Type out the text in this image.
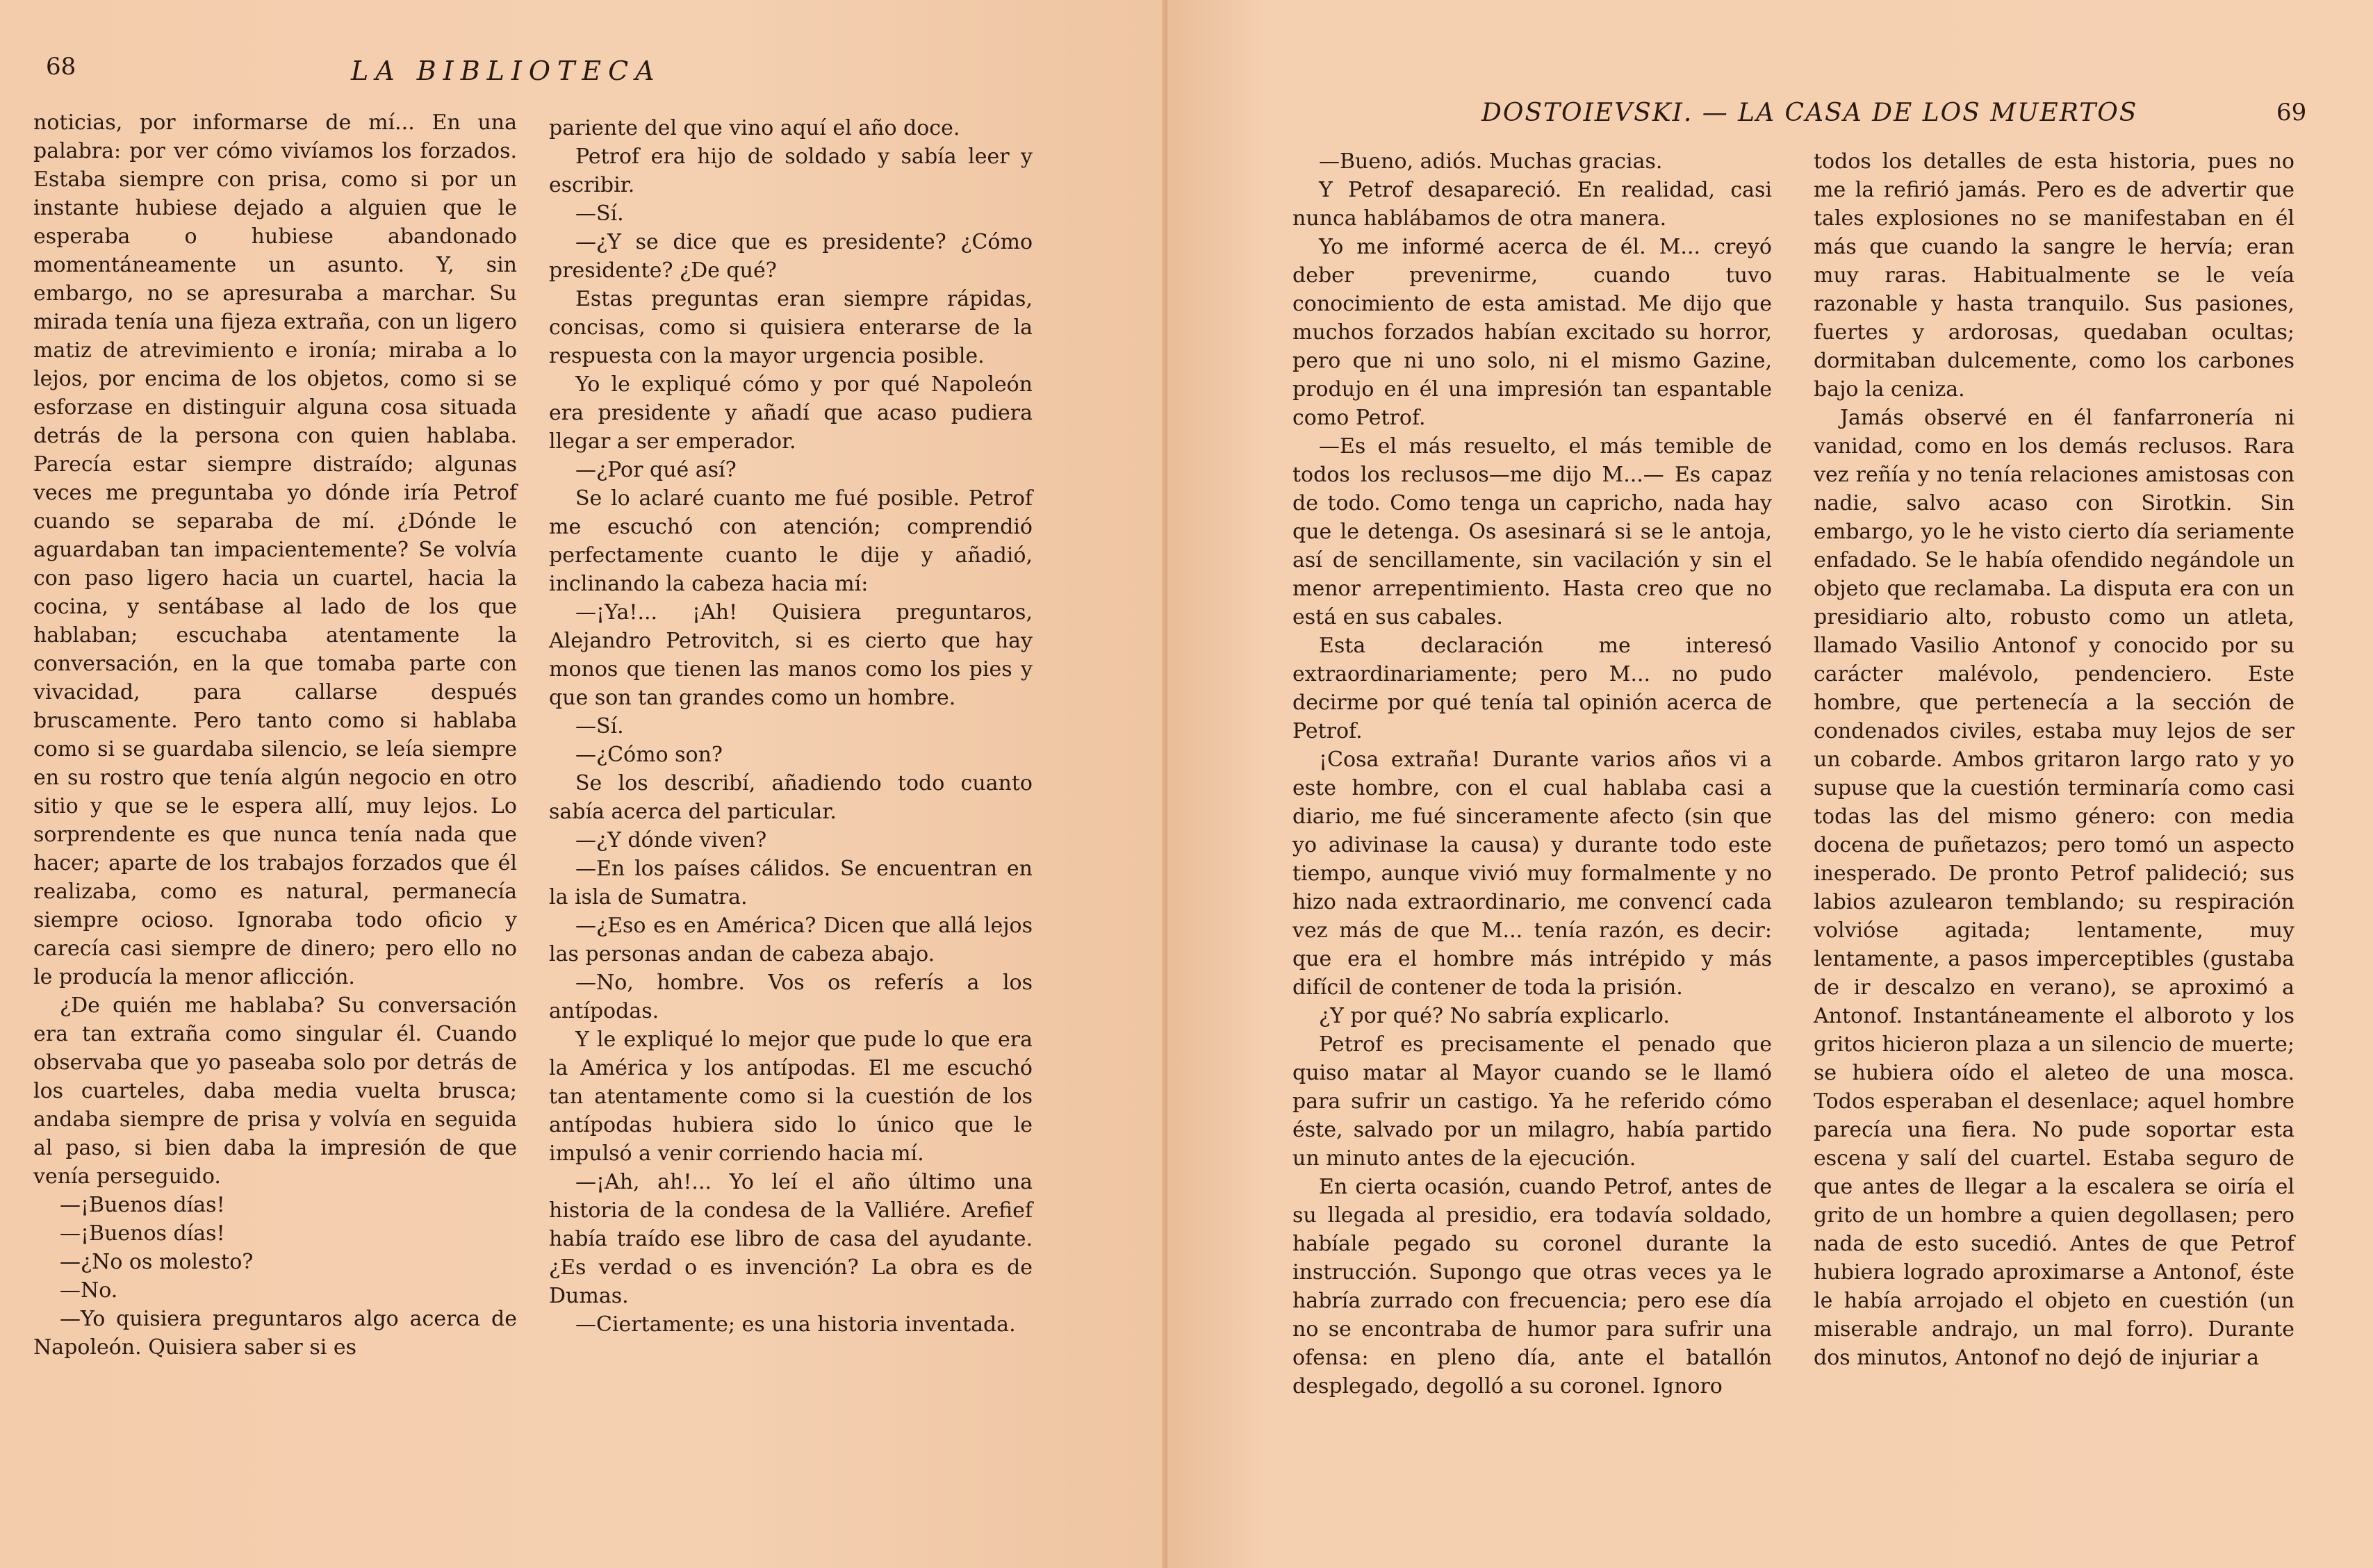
68	LA BIBLIOTECA

noticias, por informarse de mí... En una palabra: por ver cómo vivíamos los forzados. Estaba siempre con prisa, como si por un instante hubiese dejado a alguien que le esperaba o hubiese abandonado momentáneamente un asunto. Y, sin embargo, no se apresuraba a marchar. Su mirada tenía una fijeza extraña, con un ligero matiz de atrevimiento e ironía; miraba a lo lejos, por encima de los objetos, como si se esforzase en distinguir alguna cosa situada detrás de la persona con quien hablaba. Parecía estar siempre distraído; algunas veces me preguntaba yo dónde iría Petrof cuando se separaba de mí. ¿Dónde le aguardaban tan impacientemente? Se volvía con paso ligero hacia un cuartel, hacia la cocina, y sentábase al lado de los que hablaban; escuchaba atentamente la conversación, en la que tomaba parte con vivacidad, para callarse después bruscamente. Pero tanto como si hablaba como si se guardaba silencio, se leía siempre en su rostro que tenía algún negocio en otro sitio y que se le espera allí, muy lejos. Lo sorprendente es que nunca tenía nada que hacer; aparte de los trabajos forzados que él realizaba, como es natural, permanecía siempre ocioso. Ignoraba todo oficio y carecía casi siempre de dinero; pero ello no le producía la menor aflicción.

¿De quién me hablaba? Su conversación era tan extraña como singular él. Cuando observaba que yo paseaba solo por detrás de los cuarteles, daba media vuelta brusca; andaba siempre de prisa y volvía en seguida al paso, si bien daba la impresión de que venía perseguido.

—¡Buenos días!

—¡Buenos días!

—¿No os molesto?

—No.

—Yo quisiera preguntaros algo acerca de Napoleón. Quisiera saber si es

pariente del que vino aquí el año doce.

Petrof era hijo de soldado y sabía leer y escribir.

—Sí.

—¿Y se dice que es presidente? ¿Cómo presidente? ¿De qué?

Estas preguntas eran siempre rápidas, concisas, como si quisiera enterarse de la respuesta con la mayor urgencia posible.

Yo le expliqué cómo y por qué Napoleón era presidente y añadí que acaso pudiera llegar a ser emperador.

—¿Por qué así?

Se lo aclaré cuanto me fué posible. Petrof me escuchó con atención; comprendió perfectamente cuanto le dije y añadió, inclinando la cabeza hacia mí:

—¡Ya!... ¡Ah! Quisiera preguntaros, Alejandro Petrovitch, si es cierto que hay monos que tienen las manos como los pies y que son tan grandes como un hombre.

—Sí.

—¿Cómo son?

Se los describí, añadiendo todo cuanto sabía acerca del particular.

—¿Y dónde viven?

—En los países cálidos. Se encuentran en la isla de Sumatra.

—¿Eso es en América? Dicen que allá lejos las personas andan de cabeza abajo.

—No, hombre. Vos os referís a los antípodas.

Y le expliqué lo mejor que pude lo que era la América y los antípodas. El me escuchó tan atentamente como si la cuestión de los antípodas hubiera sido lo único que le impulsó a venir corriendo hacia mí.

—¡Ah, ah!... Yo leí el año último una historia de la condesa de la Valliére. Arefief había traído ese libro de casa del ayudante. ¿Es verdad o es invención? La obra es de Dumas.

—Ciertamente; es una historia inventada.

DOSTOIEVSKI. — LA CASA DE LOS MUERTOS	69

—Bueno, adiós. Muchas gracias.

Y Petrof desapareció. En realidad, casi nunca hablábamos de otra manera.

Yo me informé acerca de él. M... creyó deber prevenirme, cuando tuvo conocimiento de esta amistad. Me dijo que muchos forzados habían excitado su horror, pero que ni uno solo, ni el mismo Gazine, produjo en él una impresión tan espantable como Petrof.

—Es el más resuelto, el más temible de todos los reclusos—me dijo M...— Es capaz de todo. Como tenga un capricho, nada hay que le detenga. Os asesinará si se le antoja, así de sencillamente, sin vacilación y sin el menor arrepentimiento. Hasta creo que no está en sus cabales.

Esta declaración me interesó extraordinariamente; pero M... no pudo decirme por qué tenía tal opinión acerca de Petrof.

¡Cosa extraña! Durante varios años vi a este hombre, con el cual hablaba casi a diario, me fué sinceramente afecto (sin que yo adivinase la causa) y durante todo este tiempo, aunque vivió muy formalmente y no hizo nada extraordinario, me convencí cada vez más de que M... tenía razón, es decir: que era el hombre más intrépido y más difícil de contener de toda la prisión.

¿Y por qué? No sabría explicarlo.

Petrof es precisamente el penado que quiso matar al Mayor cuando se le llamó para sufrir un castigo. Ya he referido cómo éste, salvado por un milagro, había partido un minuto antes de la ejecución.

En cierta ocasión, cuando Petrof, antes de su llegada al presidio, era todavía soldado, habíale pegado su coronel durante la instrucción. Supongo que otras veces ya le habría zurrado con frecuencia; pero ese día no se encontraba de humor para sufrir una ofensa: en pleno día, ante el batallón desplegado, degolló a su coronel. Ignoro

todos los detalles de esta historia, pues no me la refirió jamás. Pero es de advertir que tales explosiones no se manifestaban en él más que cuando la sangre le hervía; eran muy raras. Habitualmente se le veía razonable y hasta tranquilo. Sus pasiones, fuertes y ardorosas, quedaban ocultas; dormitaban dulcemente, como los carbones bajo la ceniza.

Jamás observé en él fanfarronería ni vanidad, como en los demás reclusos. Rara vez reñía y no tenía relaciones amistosas con nadie, salvo acaso con Sirotkin. Sin embargo, yo le he visto cierto día seriamente enfadado. Se le había ofendido negándole un objeto que reclamaba. La disputa era con un presidiario alto, robusto como un atleta, llamado Vasilio Antonof y conocido por su carácter malévolo, pendenciero. Este hombre, que pertenecía a la sección de condenados civiles, estaba muy lejos de ser un cobarde. Ambos gritaron largo rato y yo supuse que la cuestión terminaría como casi todas las del mismo género: con media docena de puñetazos; pero tomó un aspecto inesperado. De pronto Petrof palideció; sus labios azulearon temblando; su respiración volvióse agitada; lentamente, muy lentamente, a pasos imperceptibles (gustaba de ir descalzo en verano), se aproximó a Antonof. Instantáneamente el alboroto y los gritos hicieron plaza a un silencio de muerte; se hubiera oído el aleteo de una mosca. Todos esperaban el desenlace; aquel hombre parecía una fiera. No pude soportar esta escena y salí del cuartel. Estaba seguro de que antes de llegar a la escalera se oiría el grito de un hombre a quien degollasen; pero nada de esto sucedió. Antes de que Petrof hubiera logrado aproximarse a Antonof, éste le había arrojado el objeto en cuestión (un miserable andrajo, un mal forro). Durante dos minutos, Antonof no dejó de injuriar a
